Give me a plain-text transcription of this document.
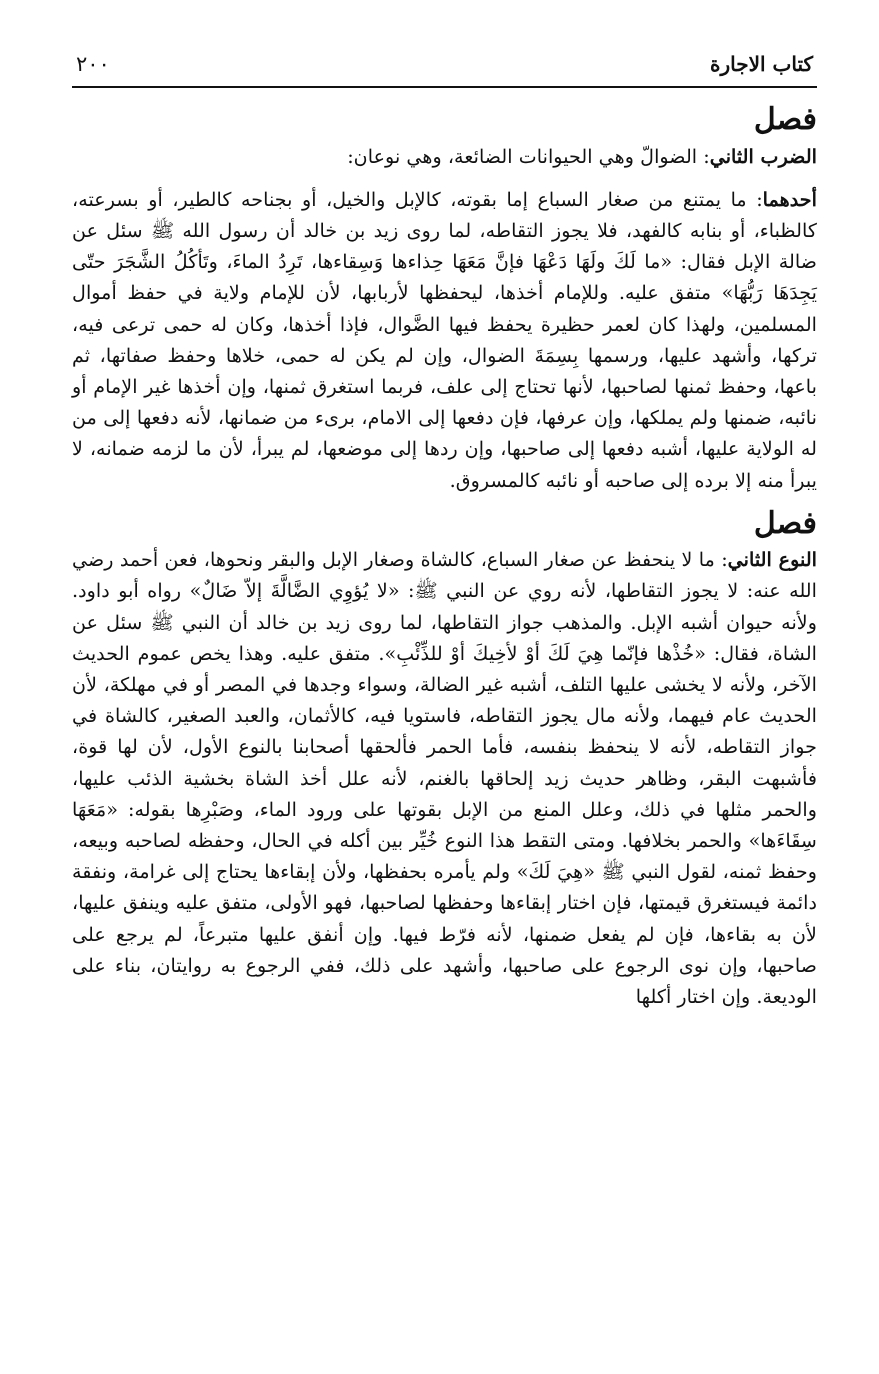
كتاب الاجارة
٢٠٠
فصل

الضرب الثاني: الضوالّ وهي الحيوانات الضائعة، وهي نوعان:

أحدهما: ما يمتنع من صغار السباع إما بقوته، كالإبل والخيل، أو بجناحه كالطير، أو بسرعته، كالظباء، أو بنابه كالفهد، فلا يجوز التقاطه، لما روى زيد بن خالد أن رسول الله ﷺ سئل عن ضالة الإبل فقال: «ما لَكَ ولَهَا دَعْهَا فإنَّ مَعَهَا حِذاءها وَسِقاءها، تَرِدُ الماءَ، وتَأكُلُ الشَّجَرَ حتّى يَجِدَهَا رَبُّهَا» متفق عليه. وللإمام أخذها، ليحفظها لأربابها، لأن للإمام ولاية في حفظ أموال المسلمين، ولهذا كان لعمر حظيرة يحفظ فيها الضَّوال، فإذا أخذها، وكان له حمى ترعى فيه، تركها، وأشهد عليها، ورسمها بِسِمَةَ الضوال، وإن لم يكن له حمى، خلاها وحفظ صفاتها، ثم باعها، وحفظ ثمنها لصاحبها، لأنها تحتاج إلى علف، فربما استغرق ثمنها، وإن أخذها غير الإمام أو نائبه، ضمنها ولم يملكها، وإن عرفها، فإن دفعها إلى الامام، برىء من ضمانها، لأنه دفعها إلى من له الولاية عليها، أشبه دفعها إلى صاحبها، وإن ردها إلى موضعها، لم يبرأ، لأن ما لزمه ضمانه، لا يبرأ منه إلا برده إلى صاحبه أو نائبه كالمسروق.

فصل

النوع الثاني: ما لا ينحفظ عن صغار السباع، كالشاة وصغار الإبل والبقر ونحوها، فعن أحمد رضي الله عنه: لا يجوز التقاطها، لأنه روي عن النبي ﷺ: «لا يُؤوِي الضَّالَّةَ إلاّ ضَالٌ» رواه أبو داود. ولأنه حيوان أشبه الإبل. والمذهب جواز التقاطها، لما روى زيد بن خالد أن النبي ﷺ سئل عن الشاة، فقال: «خُذْها فإنّما هِيَ لَكَ أوْ لأخِيكَ أوْ للذِّئْبِ». متفق عليه. وهذا يخص عموم الحديث الآخر، ولأنه لا يخشى عليها التلف، أشبه غير الضالة، وسواء وجدها في المصر أو في مهلكة، لأن الحديث عام فيهما، ولأنه مال يجوز التقاطه، فاستويا فيه، كالأثمان، والعبد الصغير، كالشاة في جواز التقاطه، لأنه لا ينحفظ بنفسه، فأما الحمر فألحقها أصحابنا بالنوع الأول، لأن لها قوة، فأشبهت البقر، وظاهر حديث زيد إلحاقها بالغنم، لأنه علل أخذ الشاة بخشية الذئب عليها، والحمر مثلها في ذلك، وعلل المنع من الإبل بقوتها على ورود الماء، وصَبْرِها بقوله: «مَعَهَا سِقَاءَها» والحمر بخلافها. ومتى التقط هذا النوع خُيِّر بين أكله في الحال، وحفظه لصاحبه وبيعه، وحفظ ثمنه، لقول النبي ﷺ «هِيَ لَكَ» ولم يأمره بحفظها، ولأن إبقاءها يحتاج إلى غرامة، ونفقة دائمة فيستغرق قيمتها، فإن اختار إبقاءها وحفظها لصاحبها، فهو الأولى، متفق عليه وينفق عليها، لأن به بقاءها، فإن لم يفعل ضمنها، لأنه فرّط فيها. وإن أنفق عليها متبرعاً، لم يرجع على صاحبها، وإن نوى الرجوع على صاحبها، وأشهد على ذلك، ففي الرجوع به روايتان، بناء على الوديعة. وإن اختار أكلها
